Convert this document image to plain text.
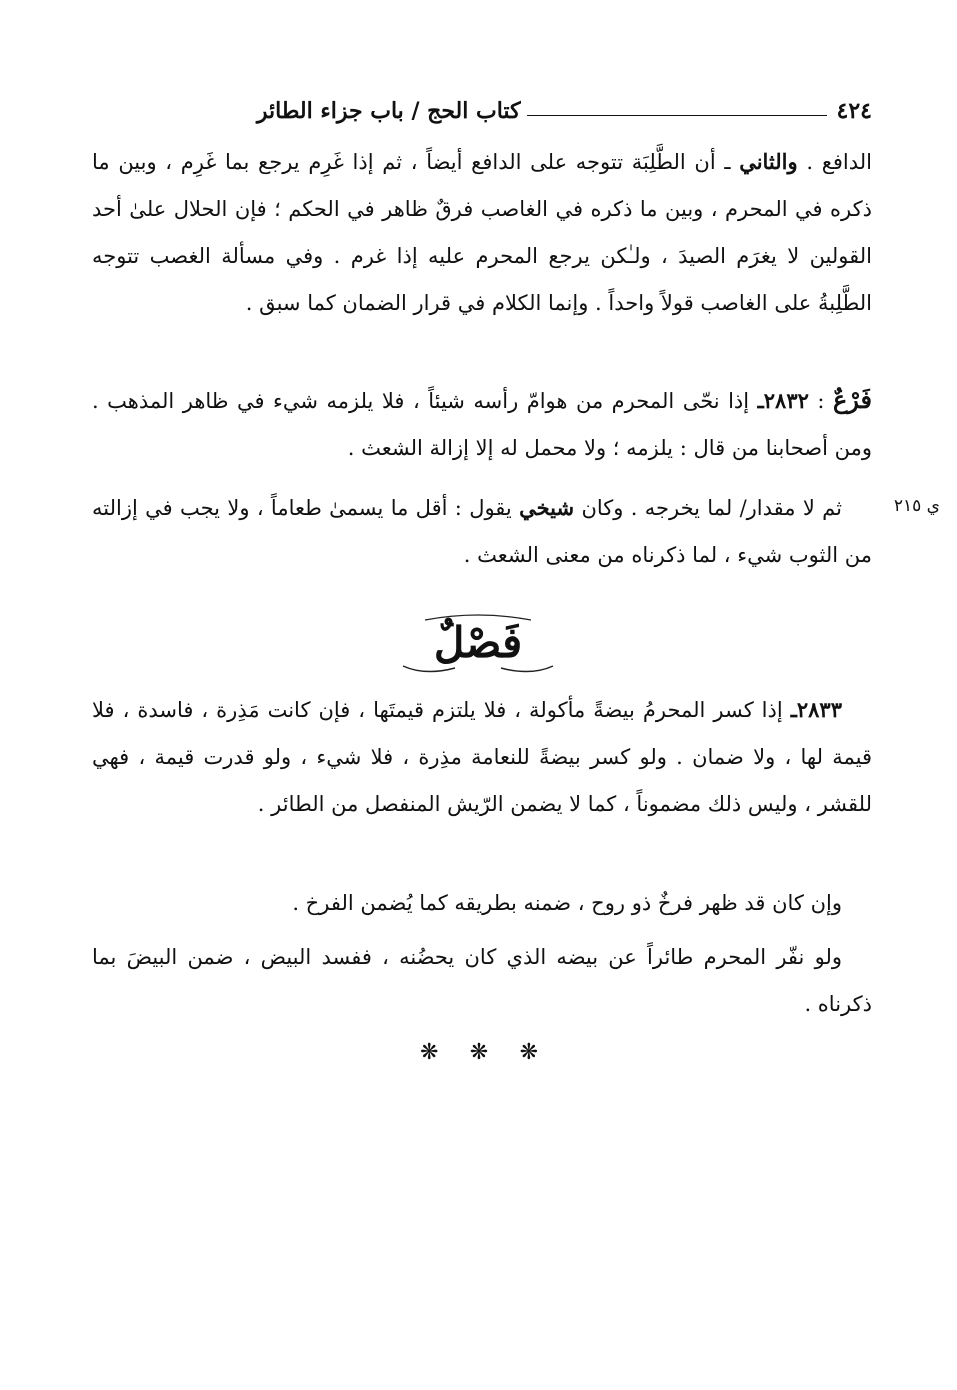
٤٢٤
كتاب الحج / باب جزاء الطائر
الدافع . والثاني ـ أن الطَّلِبَة تتوجه على الدافع أيضاً ، ثم إذا غَرِم يرجع بما غَرِم ، وبين ما ذكره في المحرم ، وبين ما ذكره في الغاصب فرقٌ ظاهر في الحكم ؛ فإن الحلال علىٰ أحد القولين لا يغرَم الصيدَ ، ولـٰكن يرجع المحرم عليه إذا غرم . وفي مسألة الغصب تتوجه الطَّلِبةُ على الغاصب قولاً واحداً . وإنما الكلام في قرار الضمان كما سبق .
فَرْعٌ : ٢٨٣٢ـ إذا نحّى المحرم من هوامّ رأسه شيئاً ، فلا يلزمه شيء في ظاهر المذهب . ومن أصحابنا من قال : يلزمه ؛ ولا محمل له إلا إزالة الشعث .
ي ٢١٥
ثم لا مقدار/ لما يخرجه . وكان شيخي يقول : أقل ما يسمىٰ طعاماً ، ولا يجب في إزالته من الثوب شيء ، لما ذكرناه من معنى الشعث .
فَصْلٌ
٢٨٣٣ـ إذا كسر المحرمُ بيضةً مأكولة ، فلا يلتزم قيمتَها ، فإن كانت مَذِرة ، فاسدة ، فلا قيمة لها ، ولا ضمان . ولو كسر بيضةً للنعامة مذِرة ، فلا شيء ، ولو قدرت قيمة ، فهي للقشر ، وليس ذلك مضموناً ، كما لا يضمن الرّيش المنفصل من الطائر .
وإن كان قد ظهر فرخٌ ذو روح ، ضمنه بطريقه كما يُضمن الفرخ .
ولو نفّر المحرم طائراً عن بيضه الذي كان يحضُنه ، ففسد البيض ، ضمن البيضَ بما ذكرناه .
❋ ❋ ❋
